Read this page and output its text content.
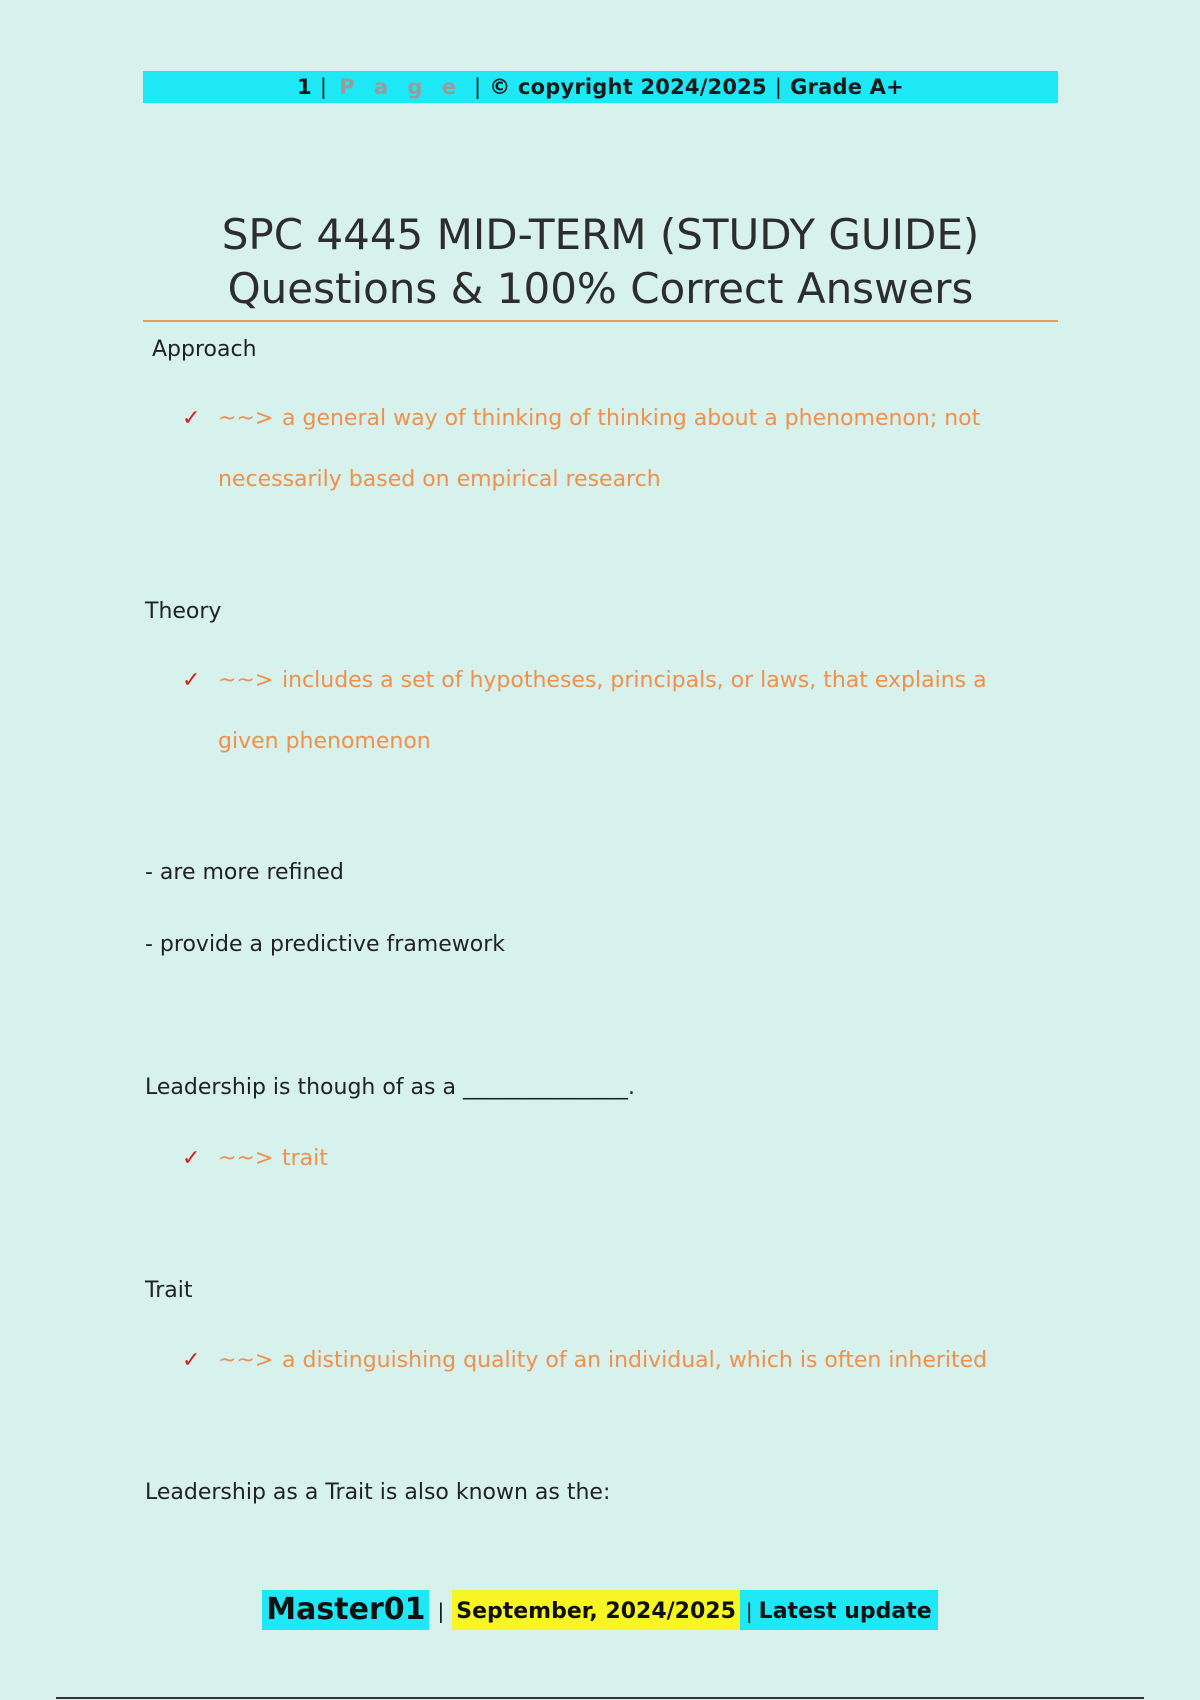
1 | P a g e | © copyright 2024/2025 | Grade A+
SPC 4445 MID-TERM (STUDY GUIDE)
Questions & 100% Correct Answers
Approach
✓ ~~> a general way of thinking of thinking about a phenomenon; not necessarily based on empirical research
Theory
✓ ~~> includes a set of hypotheses, principals, or laws, that explains a given phenomenon
- are more refined
- provide a predictive framework
Leadership is though of as a _______________.
✓ ~~> trait
Trait
✓ ~~> a distinguishing quality of an individual, which is often inherited
Leadership as a Trait is also known as the:
Master01 | September, 2024/2025 | Latest update
